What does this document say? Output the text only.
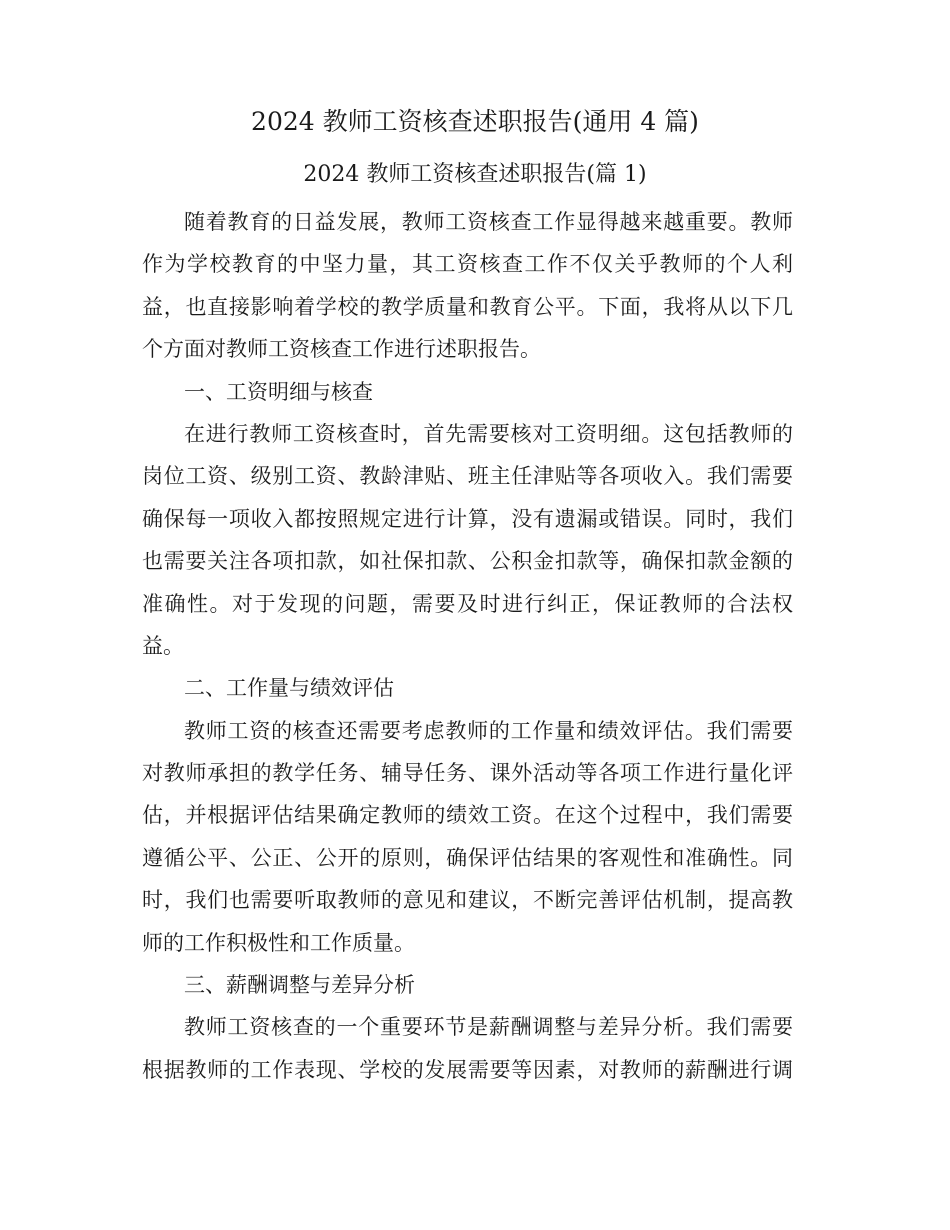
2024 教师工资核查述职报告(通用 4 篇)
2024 教师工资核查述职报告(篇 1)
随着教育的日益发展，教师工资核查工作显得越来越重要。教师
作为学校教育的中坚力量，其工资核查工作不仅关乎教师的个人利
益，也直接影响着学校的教学质量和教育公平。下面，我将从以下几
个方面对教师工资核查工作进行述职报告。
一、工资明细与核查
在进行教师工资核查时，首先需要核对工资明细。这包括教师的
岗位工资、级别工资、教龄津贴、班主任津贴等各项收入。我们需要
确保每一项收入都按照规定进行计算，没有遗漏或错误。同时，我们
也需要关注各项扣款，如社保扣款、公积金扣款等，确保扣款金额的
准确性。对于发现的问题，需要及时进行纠正，保证教师的合法权
益。
二、工作量与绩效评估
教师工资的核查还需要考虑教师的工作量和绩效评估。我们需要
对教师承担的教学任务、辅导任务、课外活动等各项工作进行量化评
估，并根据评估结果确定教师的绩效工资。在这个过程中，我们需要
遵循公平、公正、公开的原则，确保评估结果的客观性和准确性。同
时，我们也需要听取教师的意见和建议，不断完善评估机制，提高教
师的工作积极性和工作质量。
三、薪酬调整与差异分析
教师工资核查的一个重要环节是薪酬调整与差异分析。我们需要
根据教师的工作表现、学校的发展需要等因素，对教师的薪酬进行调
